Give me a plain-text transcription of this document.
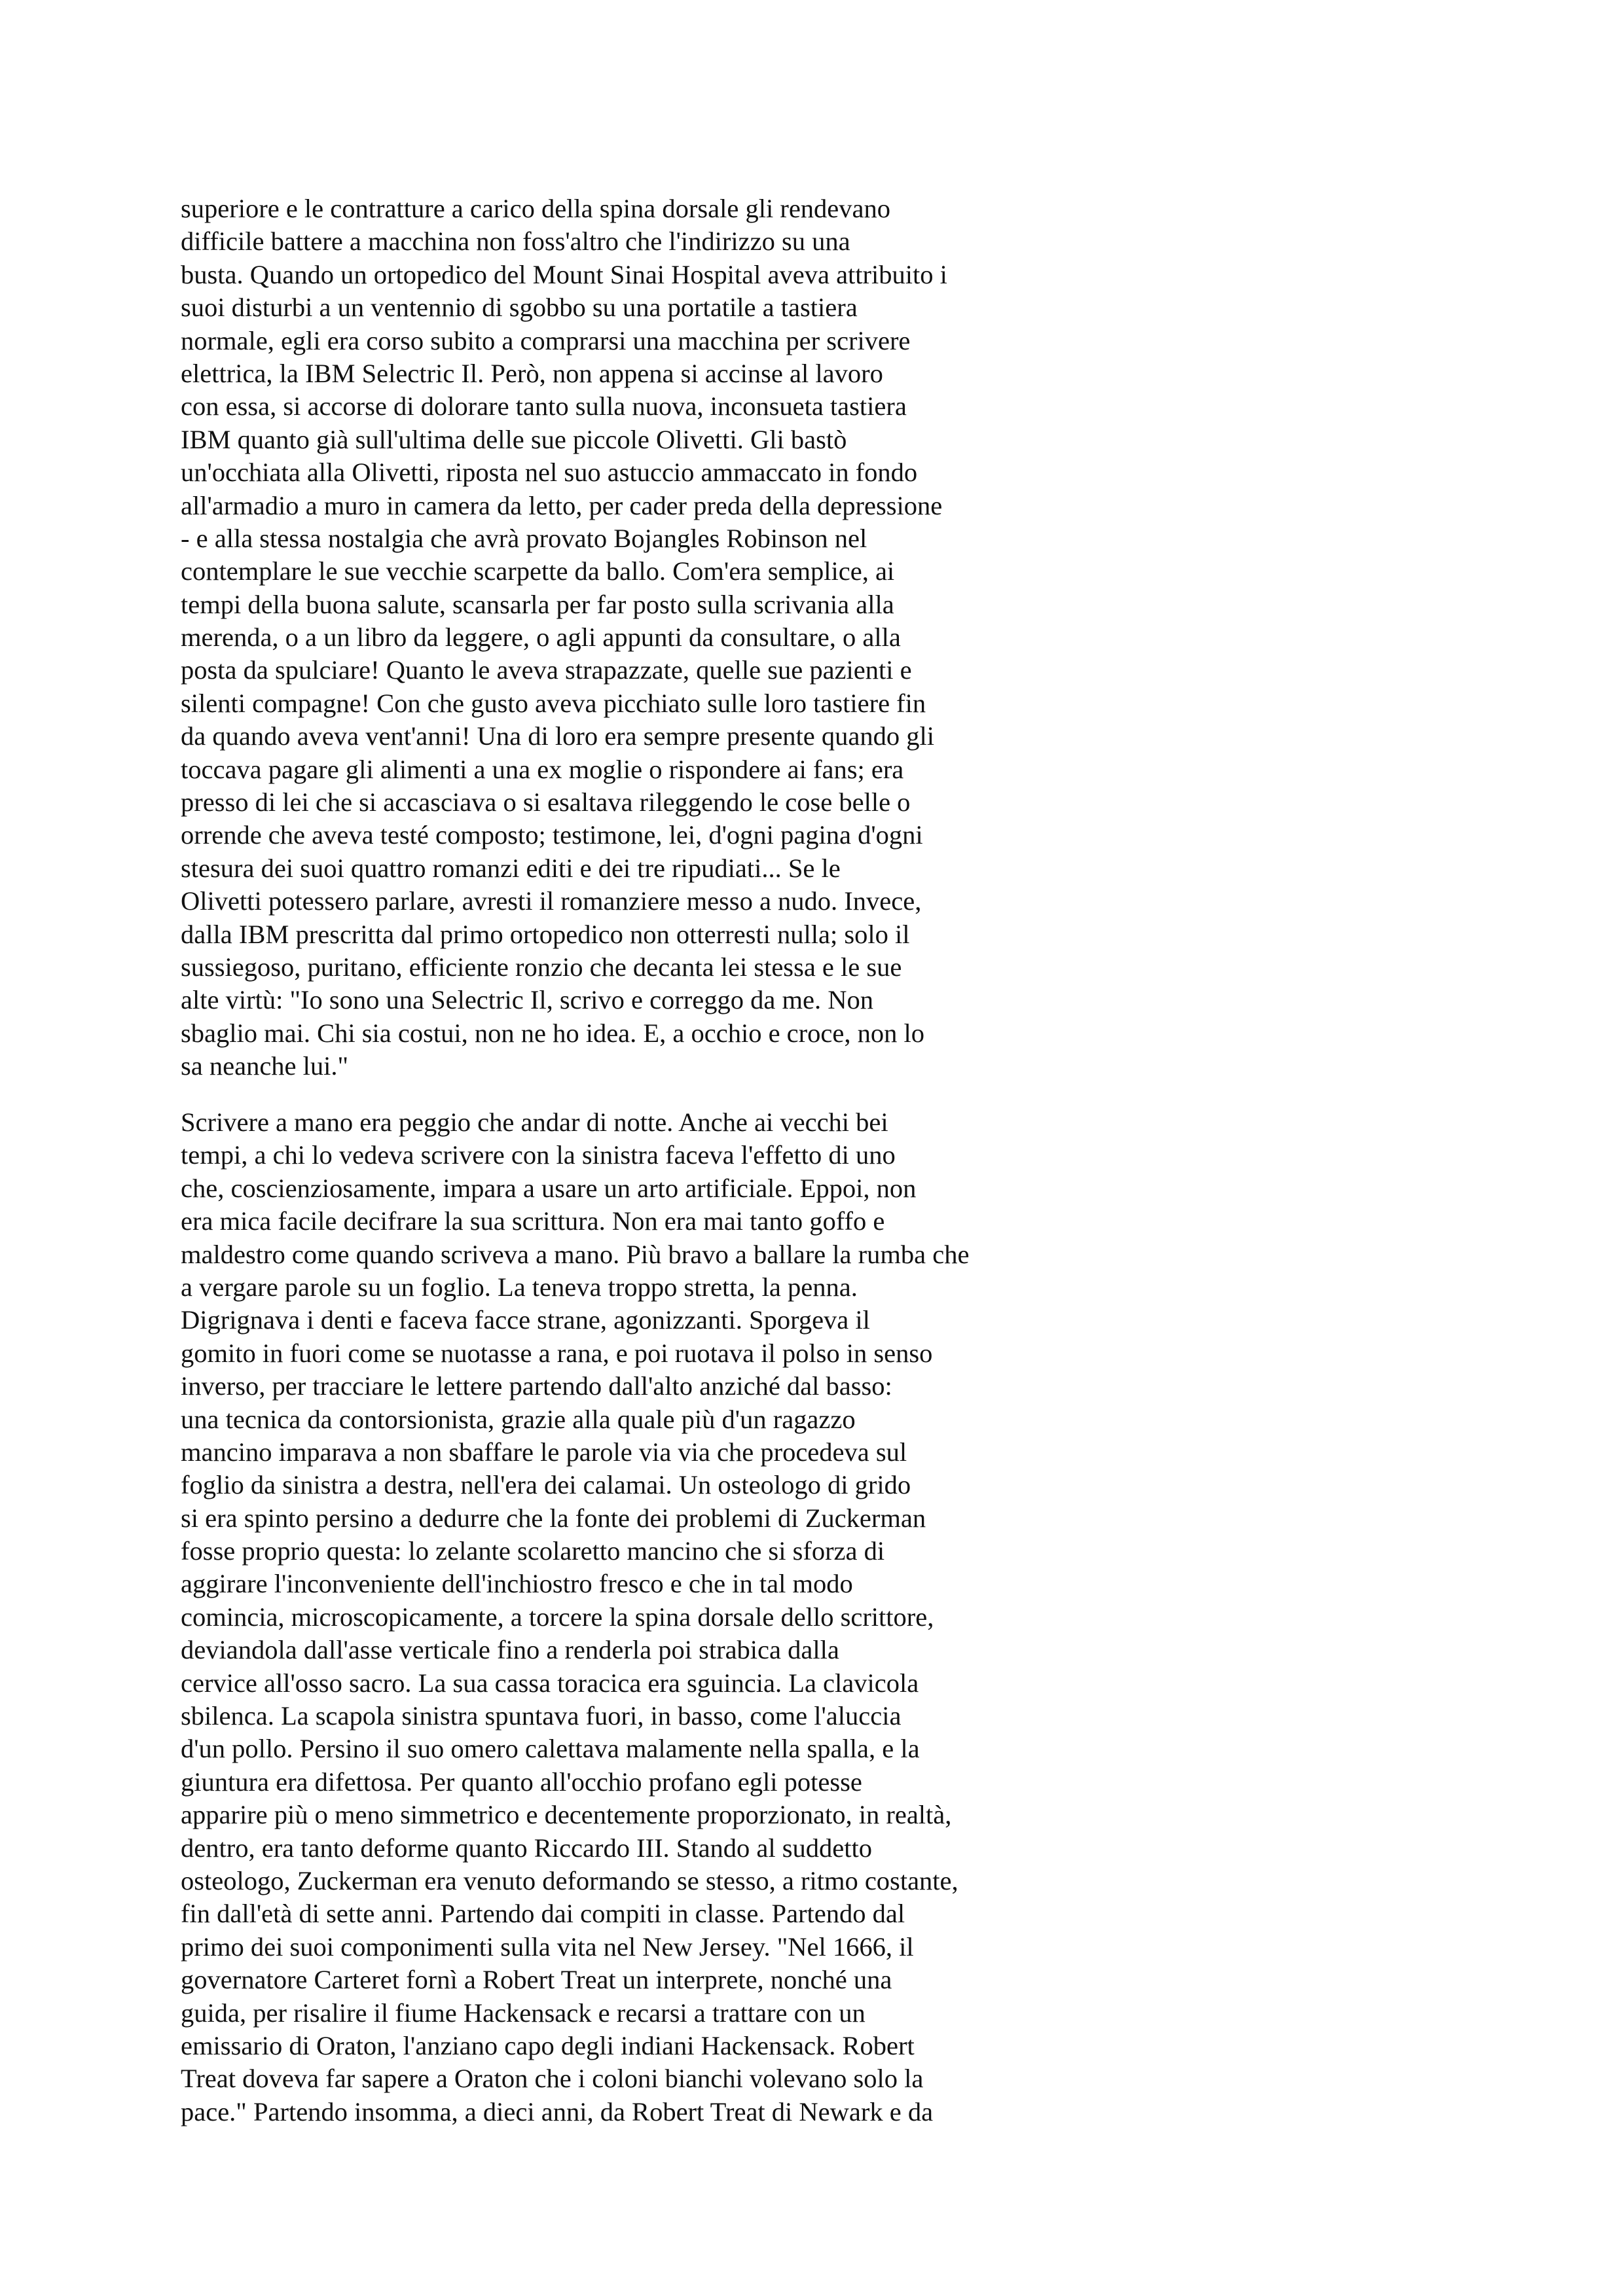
superiore e le contratture a carico della spina dorsale gli rendevano
difficile battere a macchina non foss'altro che l'indirizzo su una
busta. Quando un ortopedico del Mount Sinai Hospital aveva attribuito i
suoi disturbi a un ventennio di sgobbo su una portatile a tastiera
normale, egli era corso subito a comprarsi una macchina per scrivere
elettrica, la IBM Selectric Il. Però, non appena si accinse al lavoro
con essa, si accorse di dolorare tanto sulla nuova, inconsueta tastiera
IBM quanto già sull'ultima delle sue piccole Olivetti. Gli bastò
un'occhiata alla Olivetti, riposta nel suo astuccio ammaccato in fondo
all'armadio a muro in camera da letto, per cader preda della depressione
- e alla stessa nostalgia che avrà provato Bojangles Robinson nel
contemplare le sue vecchie scarpette da ballo. Com'era semplice, ai
tempi della buona salute, scansarla per far posto sulla scrivania alla
merenda, o a un libro da leggere, o agli appunti da consultare, o alla
posta da spulciare! Quanto le aveva strapazzate, quelle sue pazienti e
silenti compagne! Con che gusto aveva picchiato sulle loro tastiere fin
da quando aveva vent'anni! Una di loro era sempre presente quando gli
toccava pagare gli alimenti a una ex moglie o rispondere ai fans; era
presso di lei che si accasciava o si esaltava rileggendo le cose belle o
orrende che aveva testé composto; testimone, lei, d'ogni pagina d'ogni
stesura dei suoi quattro romanzi editi e dei tre ripudiati... Se le
Olivetti potessero parlare, avresti il romanziere messo a nudo. Invece,
dalla IBM prescritta dal primo ortopedico non otterresti nulla; solo il
sussiegoso, puritano, efficiente ronzio che decanta lei stessa e le sue
alte virtù: "Io sono una Selectric Il, scrivo e correggo da me. Non
sbaglio mai. Chi sia costui, non ne ho idea. E, a occhio e croce, non lo
sa neanche lui."
Scrivere a mano era peggio che andar di notte. Anche ai vecchi bei
tempi, a chi lo vedeva scrivere con la sinistra faceva l'effetto di uno
che, coscienziosamente, impara a usare un arto artificiale. Eppoi, non
era mica facile decifrare la sua scrittura. Non era mai tanto goffo e
maldestro come quando scriveva a mano. Più bravo a ballare la rumba che
a vergare parole su un foglio. La teneva troppo stretta, la penna.
Digrignava i denti e faceva facce strane, agonizzanti. Sporgeva il
gomito in fuori come se nuotasse a rana, e poi ruotava il polso in senso
inverso, per tracciare le lettere partendo dall'alto anziché dal basso:
una tecnica da contorsionista, grazie alla quale più d'un ragazzo
mancino imparava a non sbaffare le parole via via che procedeva sul
foglio da sinistra a destra, nell'era dei calamai. Un osteologo di grido
si era spinto persino a dedurre che la fonte dei problemi di Zuckerman
fosse proprio questa: lo zelante scolaretto mancino che si sforza di
aggirare l'inconveniente dell'inchiostro fresco e che in tal modo
comincia, microscopicamente, a torcere la spina dorsale dello scrittore,
deviandola dall'asse verticale fino a renderla poi strabica dalla
cervice all'osso sacro. La sua cassa toracica era sguincia. La clavicola
sbilenca. La scapola sinistra spuntava fuori, in basso, come l'aluccia
d'un pollo. Persino il suo omero calettava malamente nella spalla, e la
giuntura era difettosa. Per quanto all'occhio profano egli potesse
apparire più o meno simmetrico e decentemente proporzionato, in realtà,
dentro, era tanto deforme quanto Riccardo III. Stando al suddetto
osteologo, Zuckerman era venuto deformando se stesso, a ritmo costante,
fin dall'età di sette anni. Partendo dai compiti in classe. Partendo dal
primo dei suoi componimenti sulla vita nel New Jersey. "Nel 1666, il
governatore Carteret fornì a Robert Treat un interprete, nonché una
guida, per risalire il fiume Hackensack e recarsi a trattare con un
emissario di Oraton, l'anziano capo degli indiani Hackensack. Robert
Treat doveva far sapere a Oraton che i coloni bianchi volevano solo la
pace." Partendo insomma, a dieci anni, da Robert Treat di Newark e da
